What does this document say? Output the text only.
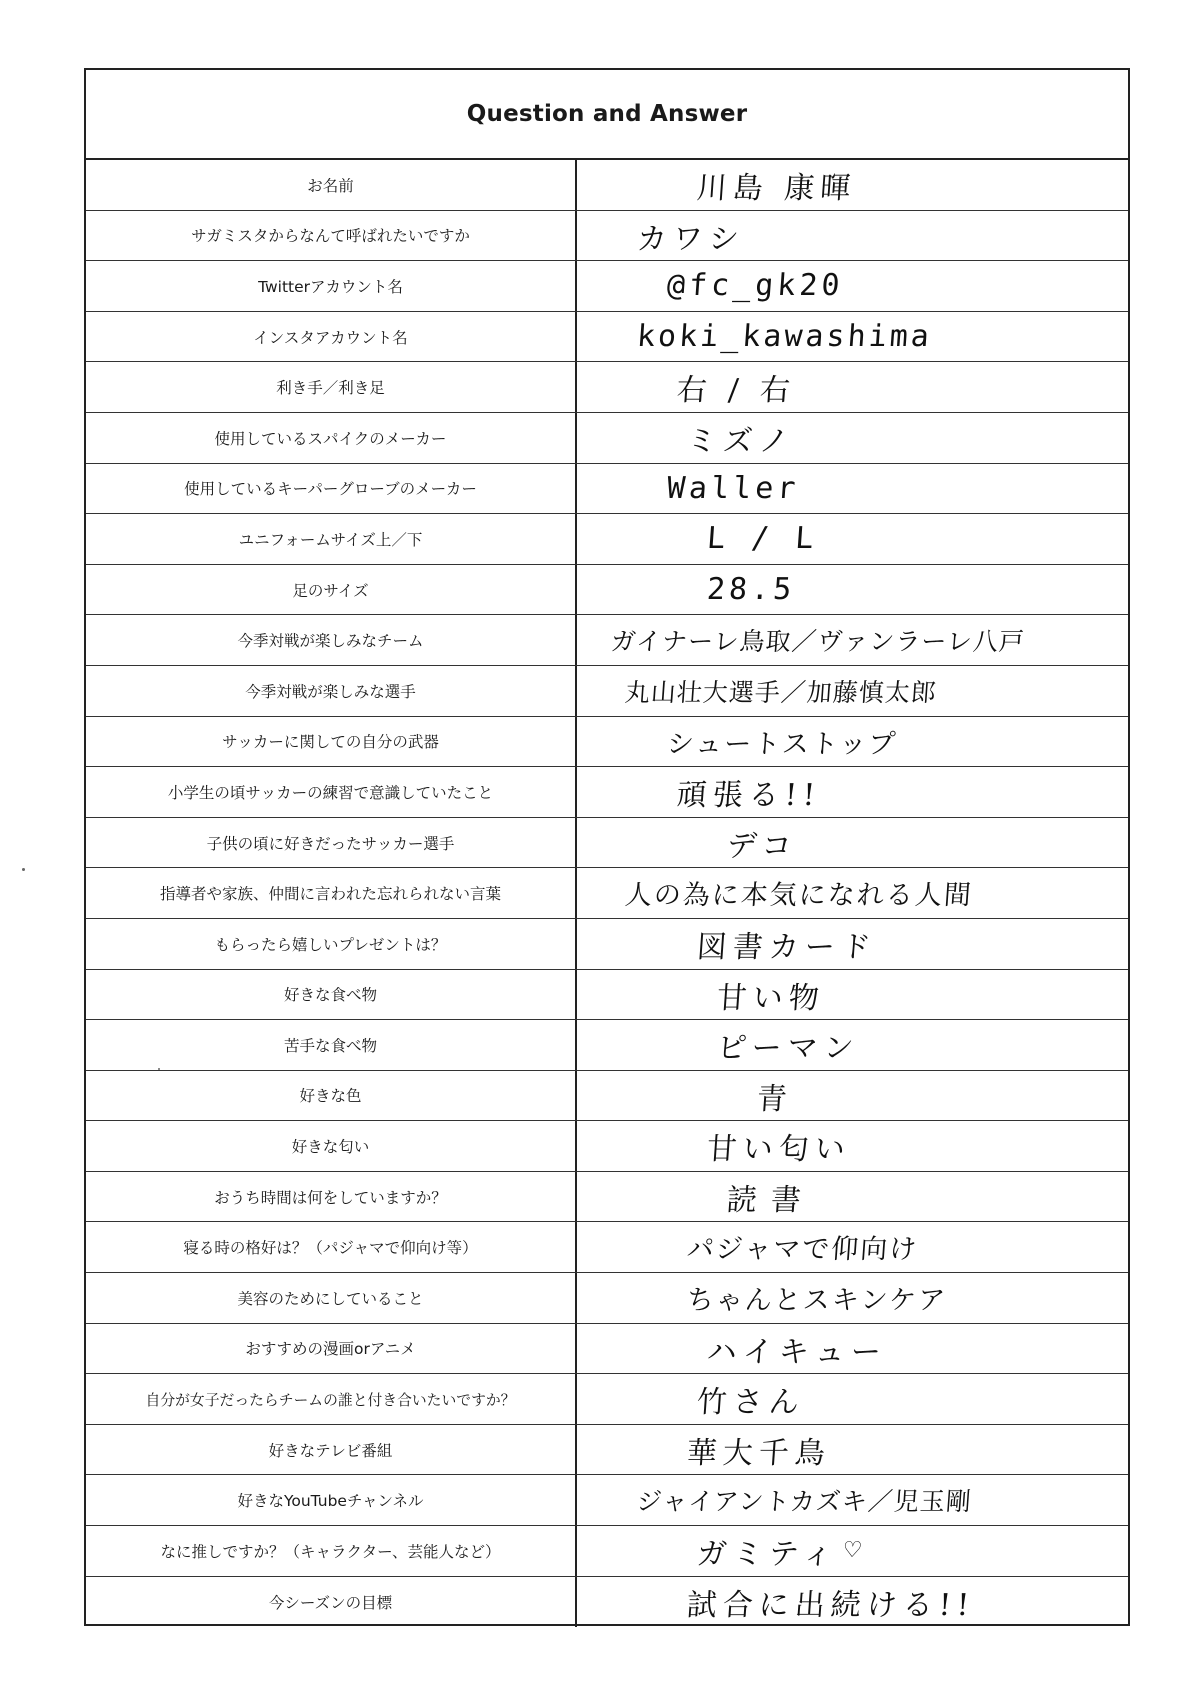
Question and Answer
お名前	川島 康暉
サガミスタからなんて呼ばれたいですか	カワシ
Twitterアカウント名	@fc_gk20
インスタアカウント名	koki_kawashima
利き手／利き足	右 / 右
使用しているスパイクのメーカー	ミズノ
使用しているキーパーグローブのメーカー	Waller
ユニフォームサイズ上／下	L / L
足のサイズ	28.5
今季対戦が楽しみなチーム	ガイナーレ鳥取／ヴァンラーレ八戸
今季対戦が楽しみな選手	丸山壮大選手／加藤慎太郎
サッカーに関しての自分の武器	シュートストップ
小学生の頃サッカーの練習で意識していたこと	頑張る!!
子供の頃に好きだったサッカー選手	デコ
指導者や家族、仲間に言われた忘れられない言葉	人の為に本気になれる人間
もらったら嬉しいプレゼントは？	図書カード
好きな食べ物	甘い物
苦手な食べ物	ピーマン
好きな色	青
好きな匂い	甘い匂い
おうち時間は何をしていますか？	読書
寝る時の格好は？（パジャマで仰向け等）	パジャマで仰向け
美容のためにしていること	ちゃんとスキンケア
おすすめの漫画orアニメ	ハイキュー
自分が女子だったらチームの誰と付き合いたいですか？	竹さん
好きなテレビ番組	華大千鳥
好きなYouTubeチャンネル	ジャイアントカズキ／児玉剛
なに推しですか？（キャラクター、芸能人など）	ガミティ ♡
今シーズンの目標	試合に出続ける!!
